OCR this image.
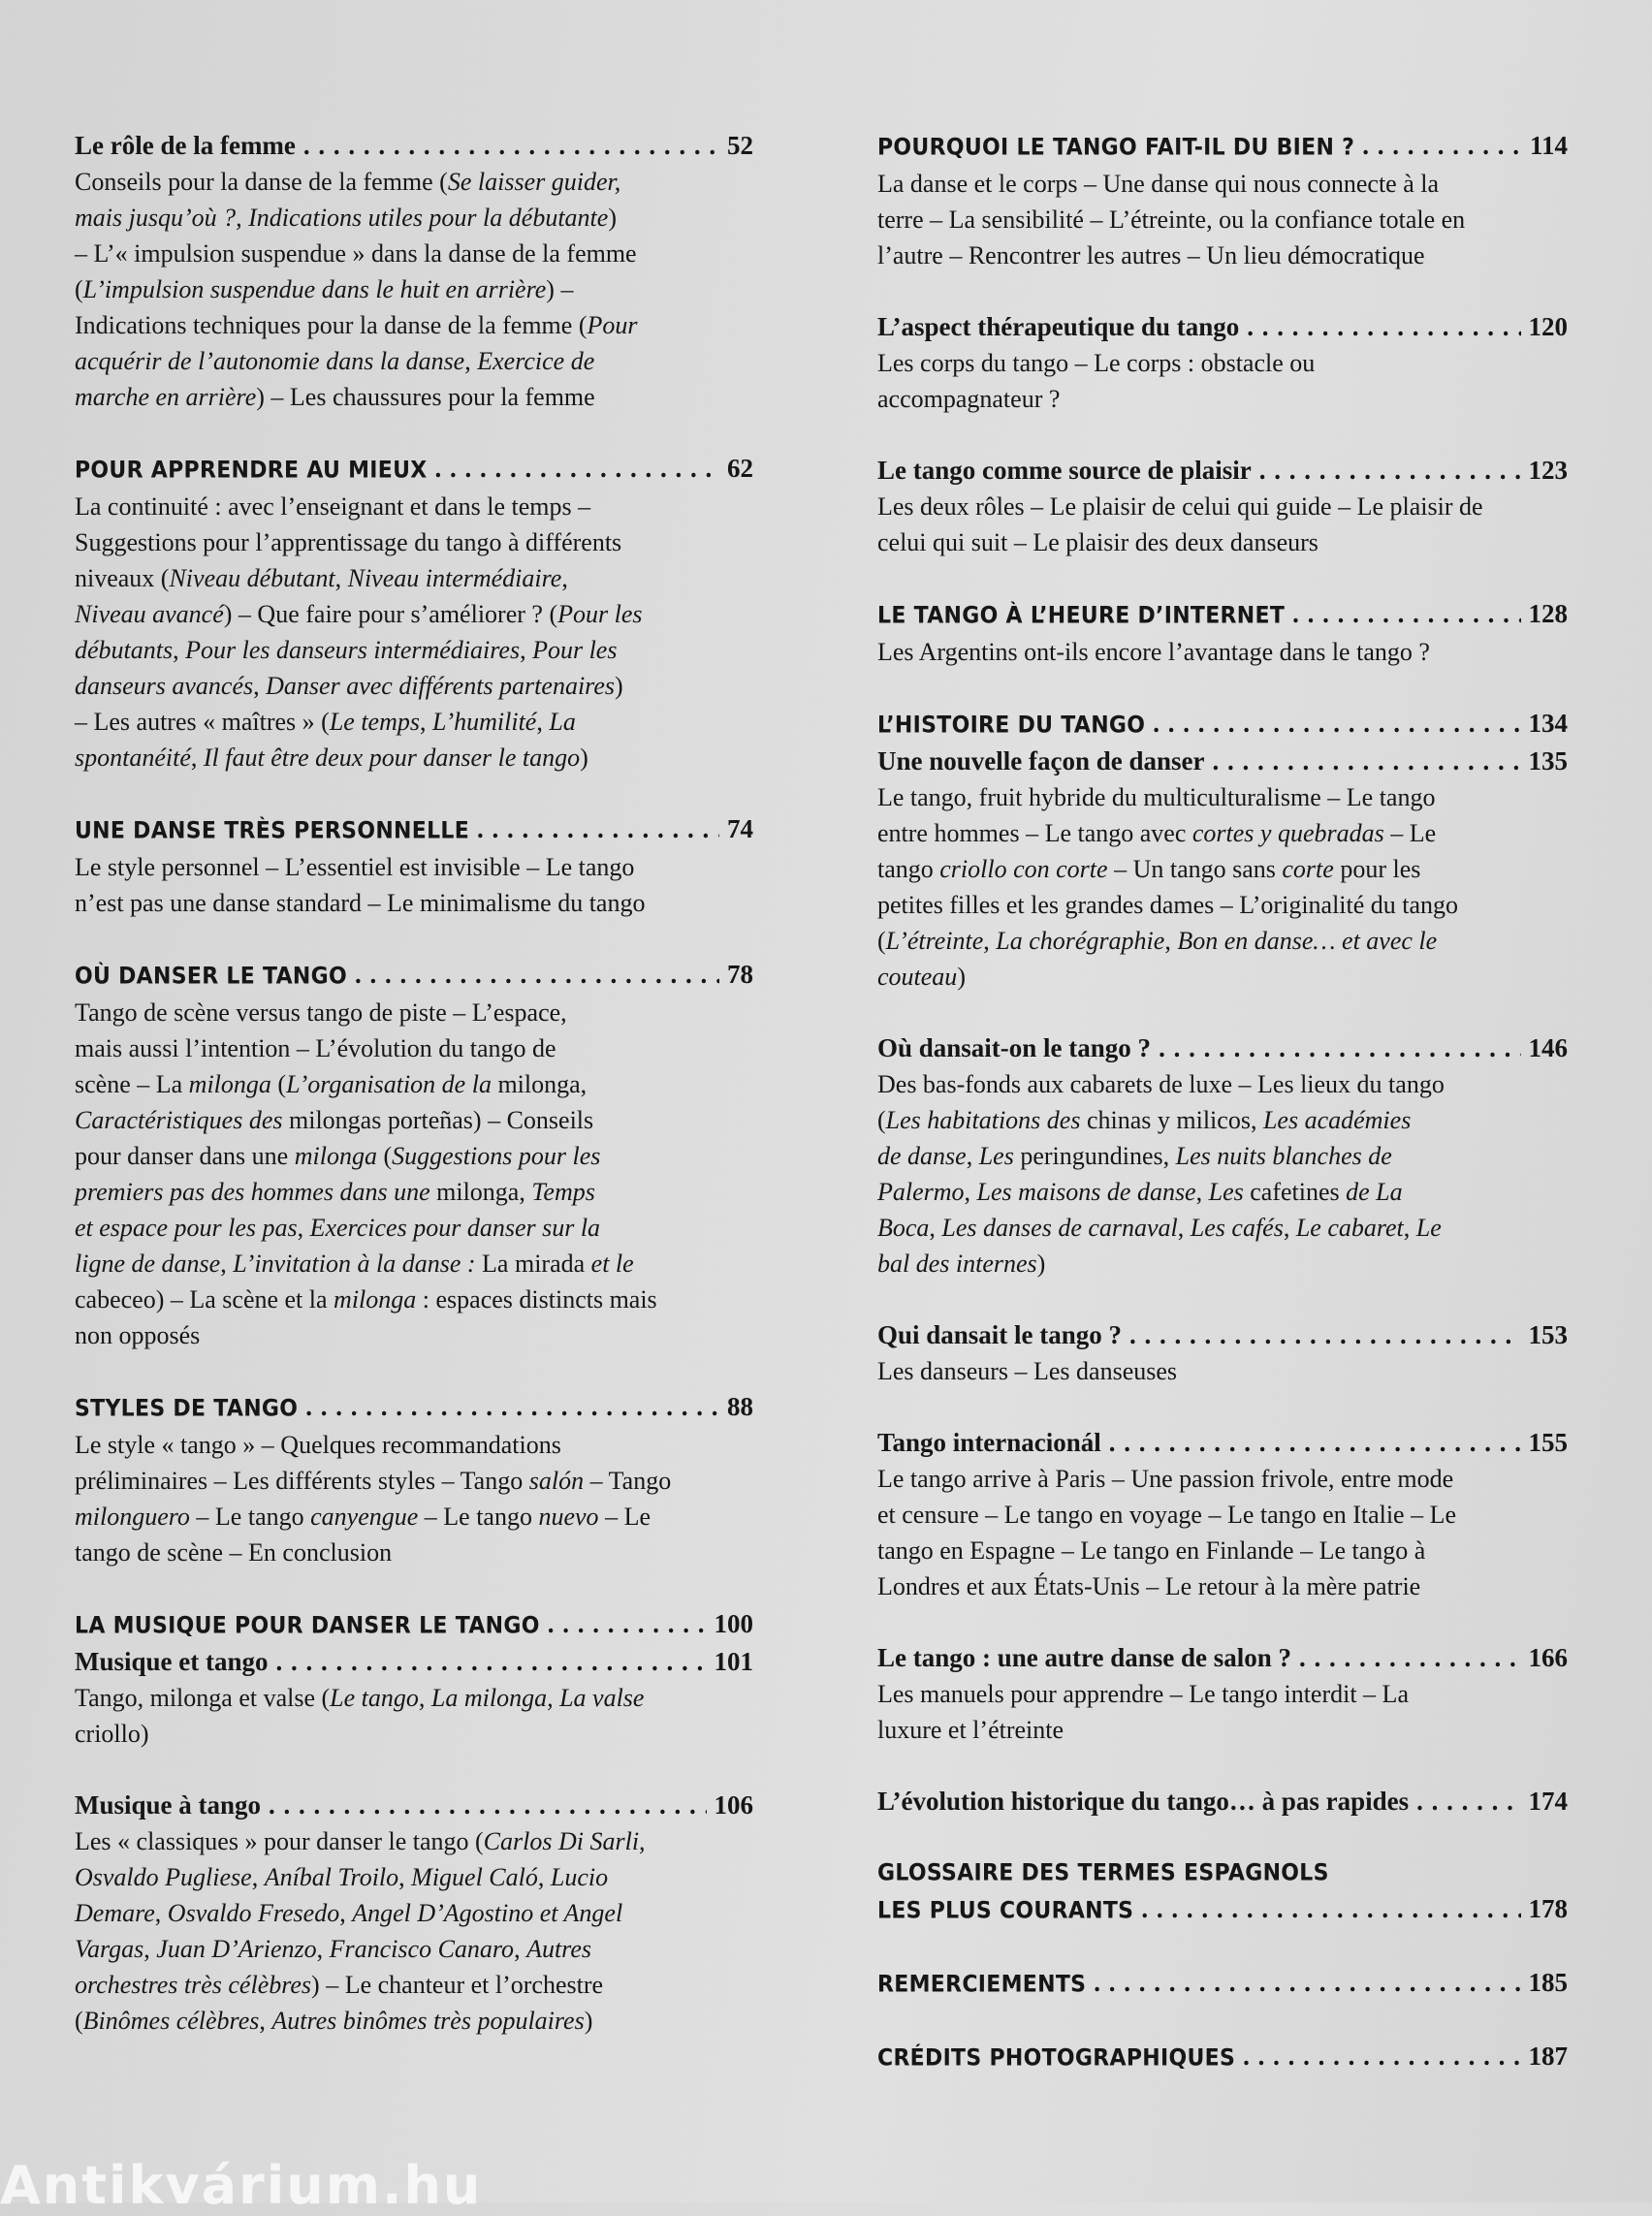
Le rôle de la femme . . .	52
Conseils pour la danse de la femme (Se laisser guider,
mais jusqu’où ?, Indications utiles pour la débutante)
– L’« impulsion suspendue » dans la danse de la femme
(L’impulsion suspendue dans le huit en arrière) –
Indications techniques pour la danse de la femme (Pour
acquérir de l’autonomie dans la danse, Exercice de
marche en arrière) – Les chaussures pour la femme
POUR APPRENDRE AU MIEUX . . .	62
La continuité : avec l’enseignant et dans le temps –
Suggestions pour l’apprentissage du tango à différents
niveaux (Niveau débutant, Niveau intermédiaire,
Niveau avancé) – Que faire pour s’améliorer ? (Pour les
débutants, Pour les danseurs intermédiaires, Pour les
danseurs avancés, Danser avec différents partenaires)
– Les autres « maîtres » (Le temps, L’humilité, La
spontanéité, Il faut être deux pour danser le tango)
UNE DANSE TRÈS PERSONNELLE . . .	74
Le style personnel – L’essentiel est invisible – Le tango
n’est pas une danse standard – Le minimalisme du tango
OÙ DANSER LE TANGO . . .	78
Tango de scène versus tango de piste – L’espace,
mais aussi l’intention – L’évolution du tango de
scène – La milonga (L’organisation de la milonga,
Caractéristiques des milongas porteñas) – Conseils
pour danser dans une milonga (Suggestions pour les
premiers pas des hommes dans une milonga, Temps
et espace pour les pas, Exercices pour danser sur la
ligne de danse, L’invitation à la danse : La mirada et le
cabeceo) – La scène et la milonga : espaces distincts mais
non opposés
STYLES DE TANGO . . .	88
Le style « tango » – Quelques recommandations
préliminaires – Les différents styles – Tango salón – Tango
milonguero – Le tango canyengue – Le tango nuevo – Le
tango de scène – En conclusion
LA MUSIQUE POUR DANSER LE TANGO . . .	100
Musique et tango . . .	101
Tango, milonga et valse (Le tango, La milonga, La valse
criollo)
Musique à tango . . .	106
Les « classiques » pour danser le tango (Carlos Di Sarli,
Osvaldo Pugliese, Aníbal Troilo, Miguel Caló, Lucio
Demare, Osvaldo Fresedo, Angel D’Agostino et Angel
Vargas, Juan D’Arienzo, Francisco Canaro, Autres
orchestres très célèbres) – Le chanteur et l’orchestre
(Binômes célèbres, Autres binômes très populaires)
POURQUOI LE TANGO FAIT-IL DU BIEN ? . . .	114
La danse et le corps – Une danse qui nous connecte à la
terre – La sensibilité – L’étreinte, ou la confiance totale en
l’autre – Rencontrer les autres – Un lieu démocratique
L’aspect thérapeutique du tango . . .	120
Les corps du tango – Le corps : obstacle ou
accompagnateur ?
Le tango comme source de plaisir . . .	123
Les deux rôles – Le plaisir de celui qui guide – Le plaisir de
celui qui suit – Le plaisir des deux danseurs
LE TANGO À L’HEURE D’INTERNET . . .	128
Les Argentins ont-ils encore l’avantage dans le tango ?
L’HISTOIRE DU TANGO . . .	134
Une nouvelle façon de danser . . .	135
Le tango, fruit hybride du multiculturalisme – Le tango
entre hommes – Le tango avec cortes y quebradas – Le
tango criollo con corte – Un tango sans corte pour les
petites filles et les grandes dames – L’originalité du tango
(L’étreinte, La chorégraphie, Bon en danse… et avec le
couteau)
Où dansait-on le tango ? . . .	146
Des bas-fonds aux cabarets de luxe – Les lieux du tango
(Les habitations des chinas y milicos, Les académies
de danse, Les peringundines, Les nuits blanches de
Palermo, Les maisons de danse, Les cafetines de La
Boca, Les danses de carnaval, Les cafés, Le cabaret, Le
bal des internes)
Qui dansait le tango ? . . .	153
Les danseurs – Les danseuses
Tango internacionál . . .	155
Le tango arrive à Paris – Une passion frivole, entre mode
et censure – Le tango en voyage – Le tango en Italie – Le
tango en Espagne – Le tango en Finlande – Le tango à
Londres et aux États-Unis – Le retour à la mère patrie
Le tango : une autre danse de salon ? . . .	166
Les manuels pour apprendre – Le tango interdit – La
luxure et l’étreinte
L’évolution historique du tango… à pas rapides . . .	174
GLOSSAIRE DES TERMES ESPAGNOLS
LES PLUS COURANTS . . .	178
REMERCIEMENTS . . .	185
CRÉDITS PHOTOGRAPHIQUES . . .	187
Antikvárium.hu
